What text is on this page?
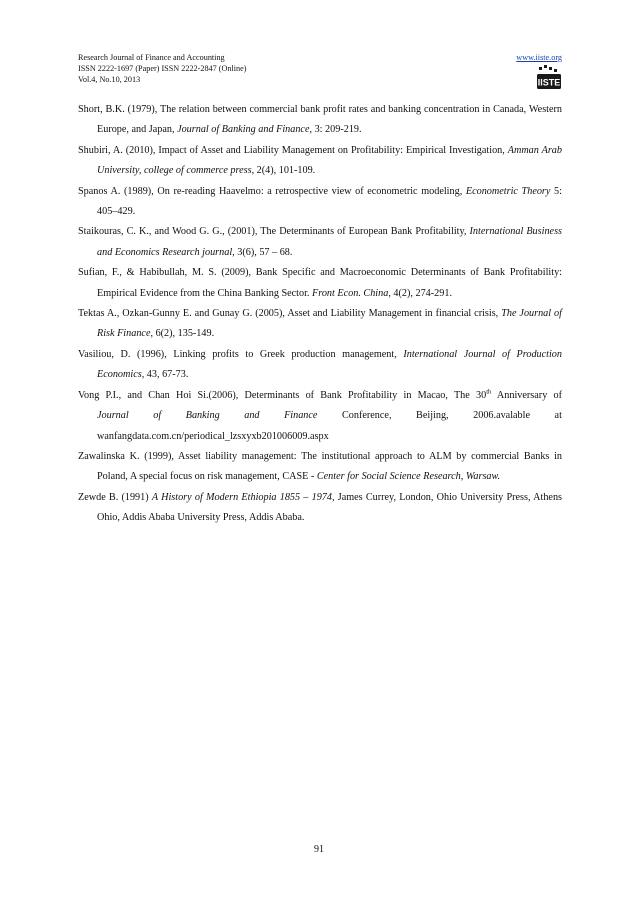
Research Journal of Finance and Accounting
ISSN 2222-1697 (Paper) ISSN 2222-2847 (Online)
Vol.4, No.10, 2013
www.iiste.org
IISTE

Short, B.K. (1979), The relation between commercial bank profit rates and banking concentration in Canada, Western Europe, and Japan, Journal of Banking and Finance, 3: 209-219.

Shubiri, A. (2010), Impact of Asset and Liability Management on Profitability: Empirical Investigation, Amman Arab University, college of commerce press, 2(4), 101-109.

Spanos A. (1989), On re-reading Haavelmo: a retrospective view of econometric modeling, Econometric Theory 5: 405–429.

Staikouras, C. K., and Wood G. G., (2001), The Determinants of European Bank Profitability, International Business and Economics Research journal, 3(6), 57 – 68.

Sufian, F., & Habibullah, M. S. (2009), Bank Specific and Macroeconomic Determinants of Bank Profitability: Empirical Evidence from the China Banking Sector. Front Econ. China, 4(2), 274-291.

Tektas A., Ozkan-Gunny E. and Gunay G. (2005), Asset and Liability Management in financial crisis, The Journal of Risk Finance, 6(2), 135-149.

Vasiliou, D. (1996), Linking profits to Greek production management, International Journal of Production Economics, 43, 67-73.

Vong P.I., and Chan Hoi Si.(2006), Determinants of Bank Profitability in Macao, The 30th Anniversary of
Journal of Banking and Finance Conference, Beijing, 2006.avalable at
wanfangdata.com.cn/periodical_lzsxyxb201006009.aspx

Zawalinska K. (1999), Asset liability management: The institutional approach to ALM by commercial Banks in Poland, A special focus on risk management, CASE - Center for Social Science Research, Warsaw.

Zewde B. (1991) A History of Modern Ethiopia 1855 – 1974, James Currey, London, Ohio University Press, Athens Ohio, Addis Ababa University Press, Addis Ababa.

91
